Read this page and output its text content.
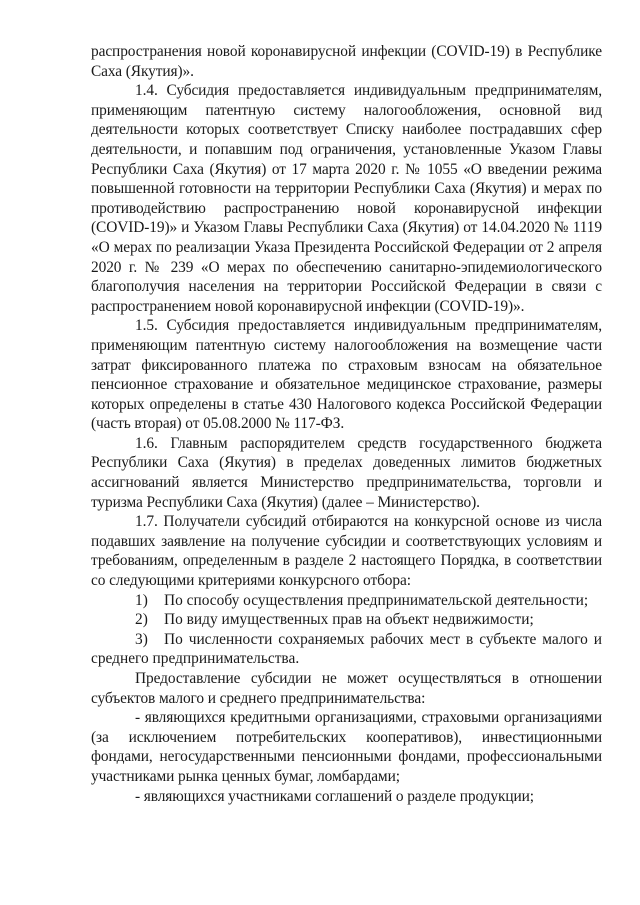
распространения новой коронавирусной инфекции (COVID-19) в Республике Саха (Якутия)».

1.4. Субсидия предоставляется индивидуальным предпринимателям, применяющим патентную систему налогообложения, основной вид деятельности которых соответствует Списку наиболее пострадавших сфер деятельности, и попавшим под ограничения, установленные Указом Главы Республики Саха (Якутия) от 17 марта 2020 г. № 1055 «О введении режима повышенной готовности на территории Республики Саха (Якутия) и мерах по противодействию распространению новой коронавирусной инфекции (COVID-19)» и Указом Главы Республики Саха (Якутия) от 14.04.2020 № 1119 «О мерах по реализации Указа Президента Российской Федерации от 2 апреля 2020 г. № 239 «О мерах по обеспечению санитарно-эпидемиологического благополучия населения на территории Российской Федерации в связи с распространением новой коронавирусной инфекции (COVID-19)».

1.5. Субсидия предоставляется индивидуальным предпринимателям, применяющим патентную систему налогообложения на возмещение части затрат фиксированного платежа по страховым взносам на обязательное пенсионное страхование и обязательное медицинское страхование, размеры которых определены в статье 430 Налогового кодекса Российской Федерации (часть вторая) от 05.08.2000 № 117-ФЗ.

1.6. Главным распорядителем средств государственного бюджета Республики Саха (Якутия) в пределах доведенных лимитов бюджетных ассигнований является Министерство предпринимательства, торговли и туризма Республики Саха (Якутия) (далее – Министерство).

1.7. Получатели субсидий отбираются на конкурсной основе из числа подавших заявление на получение субсидии и соответствующих условиям и требованиям, определенным в разделе 2 настоящего Порядка, в соответствии со следующими критериями конкурсного отбора:

1)	По способу осуществления предпринимательской деятельности;
2)	По виду имущественных прав на объект недвижимости;
3) По численности сохраняемых рабочих мест в субъекте малого и среднего предпринимательства.

Предоставление субсидии не может осуществляться в отношении субъектов малого и среднего предпринимательства:

- являющихся кредитными организациями, страховыми организациями (за исключением потребительских кооперативов), инвестиционными фондами, негосударственными пенсионными фондами, профессиональными участниками рынка ценных бумаг, ломбардами;

- являющихся участниками соглашений о разделе продукции;
